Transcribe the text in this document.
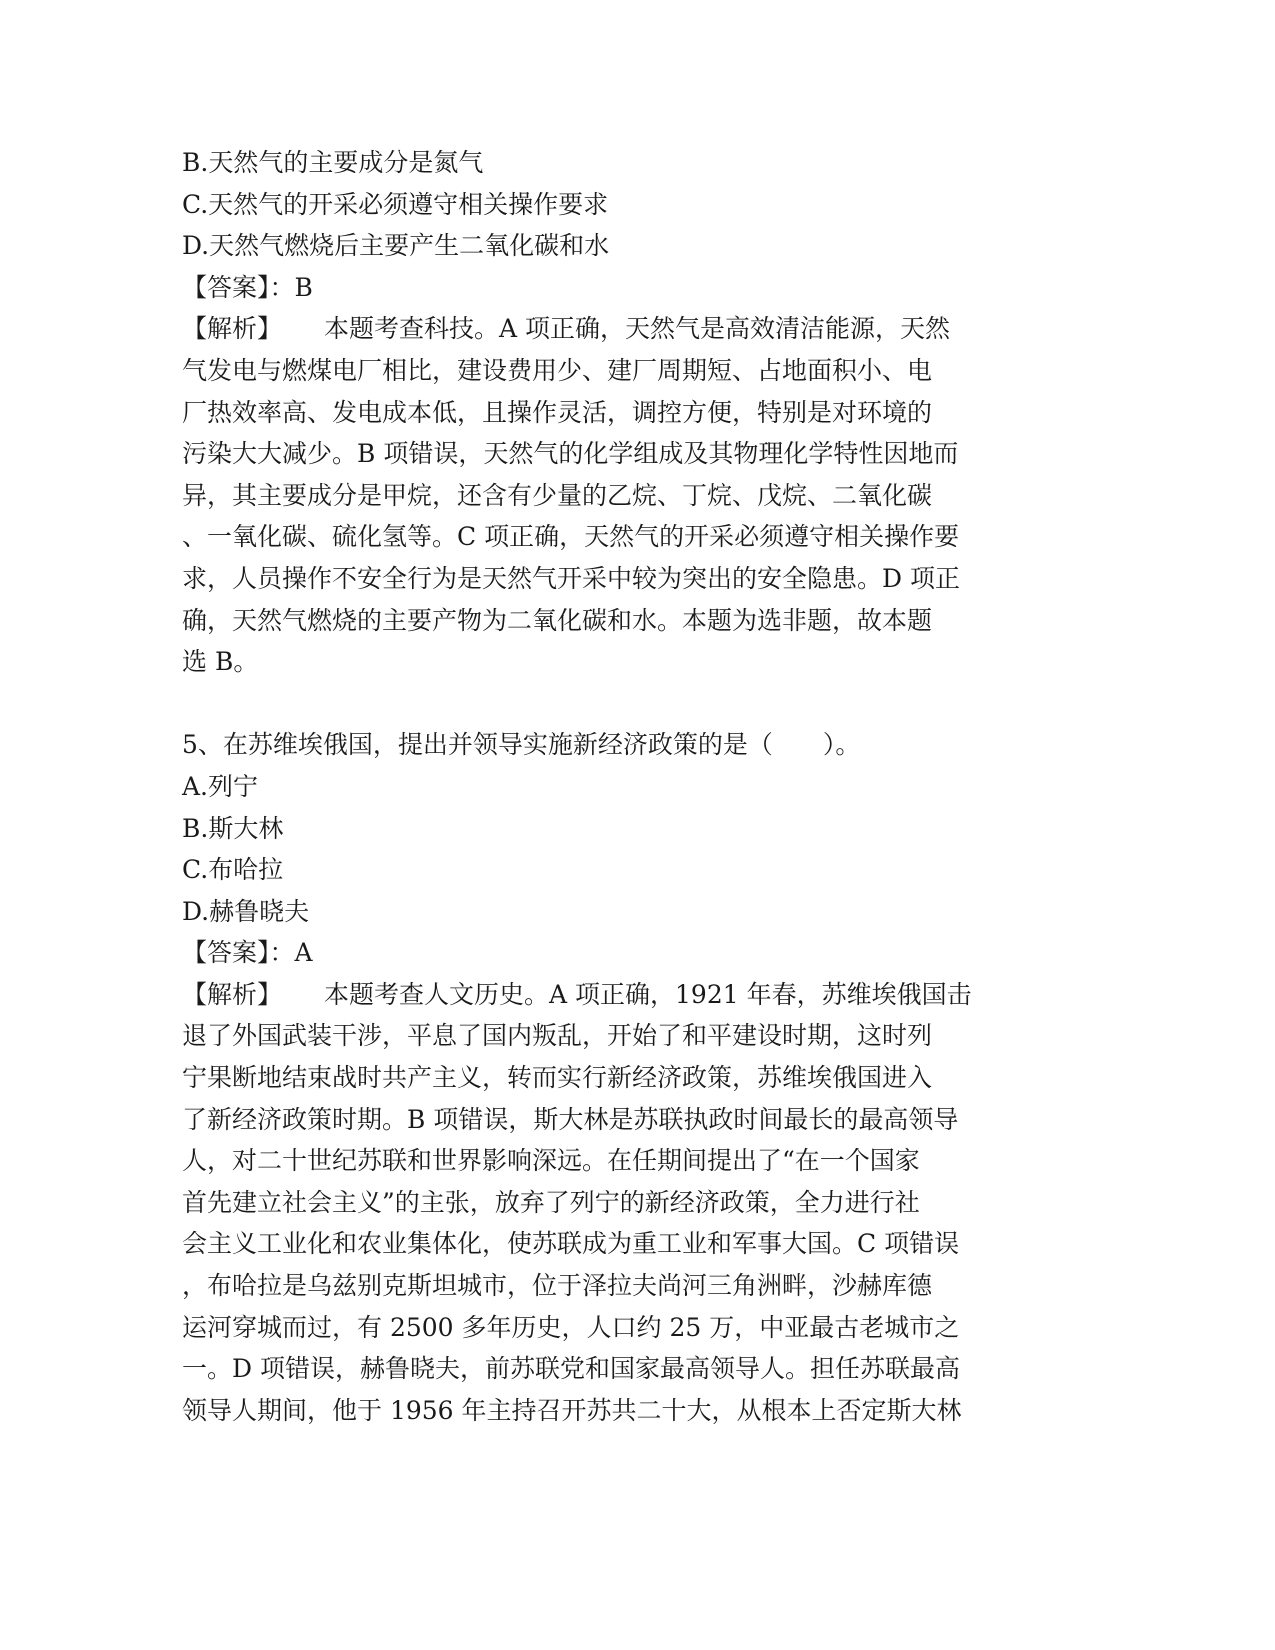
B.天然气的主要成分是氮气
C.天然气的开采必须遵守相关操作要求
D.天然气燃烧后主要产生二氧化碳和水
【答案】：B
【解析】 本题考查科技。A 项正确，天然气是高效清洁能源，天然
气发电与燃煤电厂相比，建设费用少、建厂周期短、占地面积小、电
厂热效率高、发电成本低，且操作灵活，调控方便，特别是对环境的
污染大大减少。B 项错误，天然气的化学组成及其物理化学特性因地而
异，其主要成分是甲烷，还含有少量的乙烷、丁烷、戊烷、二氧化碳
、一氧化碳、硫化氢等。C 项正确，天然气的开采必须遵守相关操作要
求，人员操作不安全行为是天然气开采中较为突出的安全隐患。D 项正
确，天然气燃烧的主要产物为二氧化碳和水。本题为选非题，故本题
选 B。
5、在苏维埃俄国，提出并领导实施新经济政策的是（　　）。
A.列宁
B.斯大林
C.布哈拉
D.赫鲁晓夫
【答案】：A
【解析】 本题考查人文历史。A 项正确，1921 年春，苏维埃俄国击
退了外国武装干涉，平息了国内叛乱，开始了和平建设时期，这时列
宁果断地结束战时共产主义，转而实行新经济政策，苏维埃俄国进入
了新经济政策时期。B 项错误，斯大林是苏联执政时间最长的最高领导
人，对二十世纪苏联和世界影响深远。在任期间提出了“在一个国家
首先建立社会主义”的主张，放弃了列宁的新经济政策，全力进行社
会主义工业化和农业集体化，使苏联成为重工业和军事大国。C 项错误
，布哈拉是乌兹别克斯坦城市，位于泽拉夫尚河三角洲畔，沙赫库德
运河穿城而过，有 2500 多年历史，人口约 25 万，中亚最古老城市之
一。D 项错误，赫鲁晓夫，前苏联党和国家最高领导人。担任苏联最高
领导人期间，他于 1956 年主持召开苏共二十大，从根本上否定斯大林
